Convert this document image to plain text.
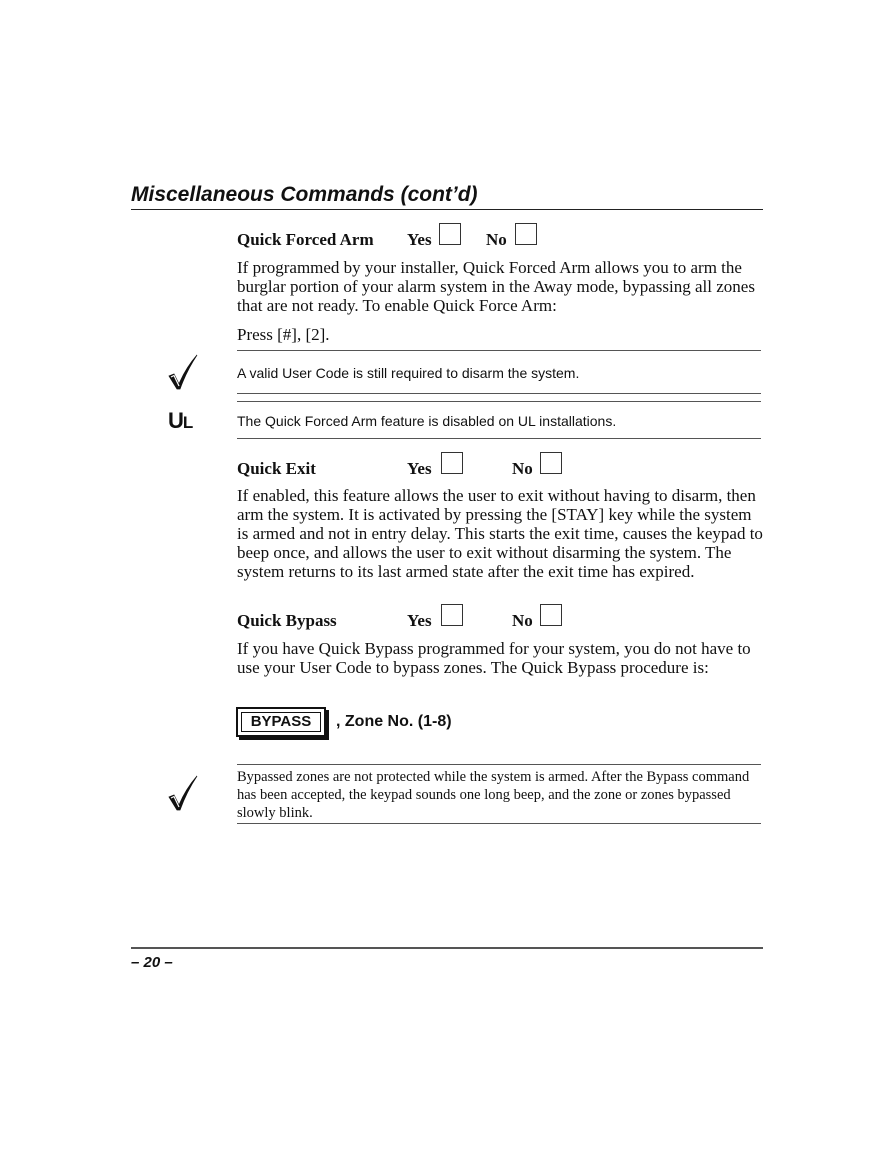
Miscellaneous Commands (cont’d)
Quick Forced Arm Yes	No
If programmed by your installer, Quick Forced Arm allows you to arm the burglar portion of your alarm system in the Away mode, bypassing all zones that are not ready. To enable Quick Force Arm:
Press [#], [2].
A valid User Code is still required to disarm the system.
UL	The Quick Forced Arm feature is disabled on UL installations.
Quick Exit	Yes	No
If enabled, this feature allows the user to exit without having to disarm, then arm the system. It is activated by pressing the [STAY] key while the system is armed and not in entry delay. This starts the exit time, causes the keypad to beep once, and allows the user to exit without disarming the system. The system returns to its last armed state after the exit time has expired.
Quick Bypass	Yes	No
If you have Quick Bypass programmed for your system, you do not have to use your User Code to bypass zones. The Quick Bypass procedure is:
BYPASS	, Zone No. (1-8)
Bypassed zones are not protected while the system is armed. After the Bypass command has been accepted, the keypad sounds one long beep, and the zone or zones bypassed slowly blink.
– 20 –
